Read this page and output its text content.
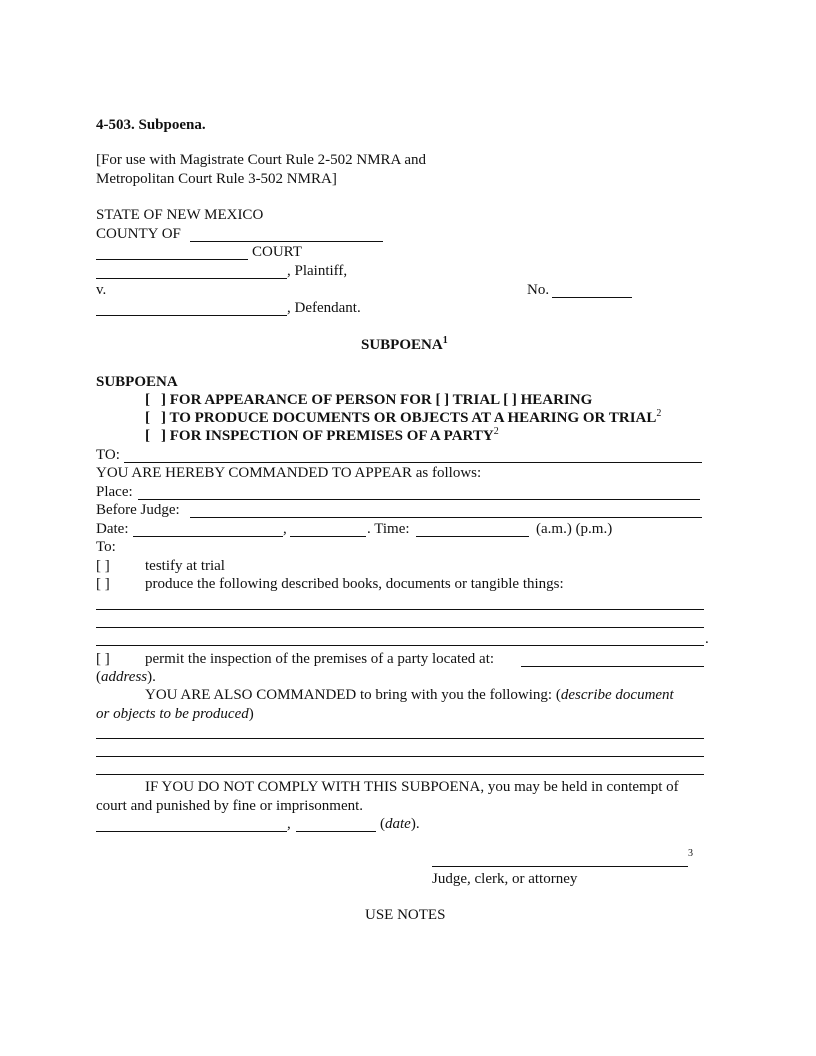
4-503. Subpoena.
[For use with Magistrate Court Rule 2-502 NMRA and
Metropolitan Court Rule 3-502 NMRA]
STATE OF NEW MEXICO
COUNTY OF
COURT
, Plaintiff,
v.	No.
, Defendant.
SUBPOENA$^1$
SUBPOENA
[ ] FOR APPEARANCE OF PERSON FOR [ ] TRIAL [ ] HEARING
[ ] TO PRODUCE DOCUMENTS OR OBJECTS AT A HEARING OR TRIAL$^2$
[ ] FOR INSPECTION OF PREMISES OF A PARTY$^2$
TO:
YOU ARE HEREBY COMMANDED TO APPEAR as follows:
Place:
Before Judge:
Date:	,	. Time:	(a.m.) (p.m.)
To:
[ ] testify at trial
[ ] produce the following described books, documents or tangible things:
.
[ ] permit the inspection of the premises of a party located at:
(address).
YOU ARE ALSO COMMANDED to bring with you the following: (describe document
or objects to be produced)
IF YOU DO NOT COMPLY WITH THIS SUBPOENA, you may be held in contempt of
court and punished by fine or imprisonment.
,	(date).
3
Judge, clerk, or attorney
USE NOTES
